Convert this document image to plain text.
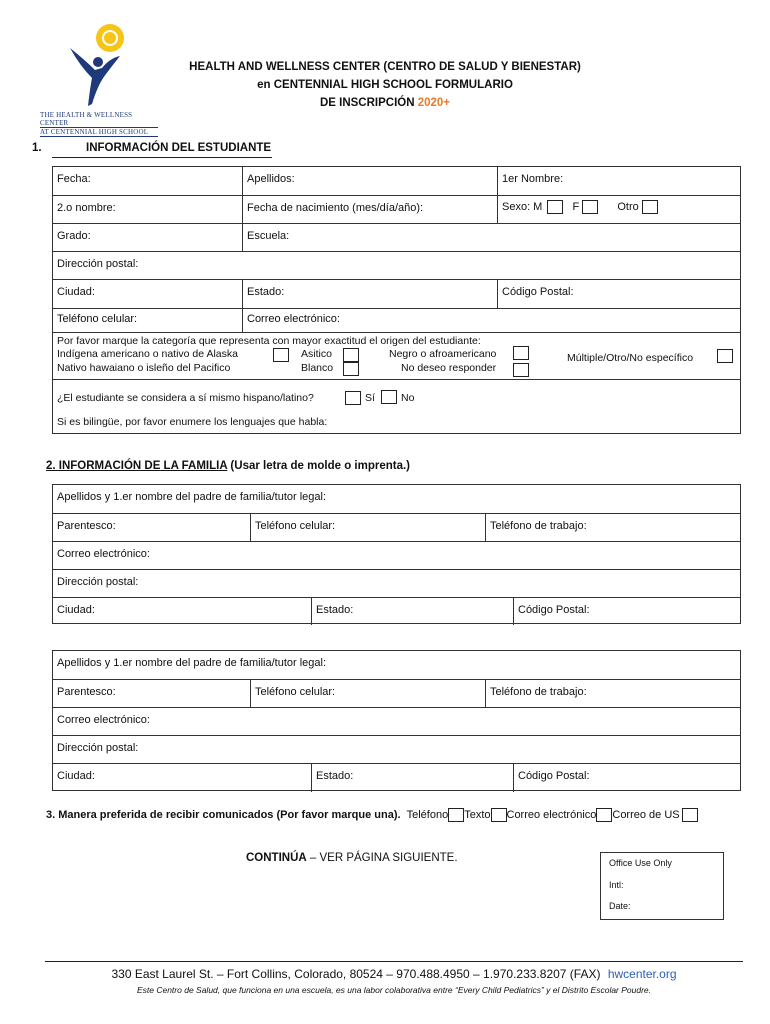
THE HEALTH & WELLNESS CENTER
AT CENTENNIAL HIGH SCHOOL
HEALTH AND WELLNESS CENTER (CENTRO DE SALUD Y BIENESTAR)
en CENTENNIAL HIGH SCHOOL FORMULARIO
DE INSCRIPCIÓN 2020+
1.	INFORMACIÓN DEL ESTUDIANTE
Fecha:	Apellidos:	1er Nombre:
2.o nombre:	Fecha de nacimiento (mes/día/año):	Sexo: M	F	Otro
Grado:	Escuela:
Dirección postal:
Ciudad:	Estado:	Código Postal:
Teléfono celular:	Correo electrónico:
Por favor marque la categoría que representa con mayor exactitud el origen del estudiante:
Indígena americano o nativo de Alaska	Asitico	Negro o afroamericano	Múltiple/Otro/No específico
Nativo hawaiano o isleño del Pacifico	Blanco	No deseo responder
¿El estudiante se considera a sí mismo hispano/latino?	Sí No
Si es bilingüe, por favor enumere los lenguajes que habla:
2. INFORMACIÓN DE LA FAMILIA (Usar letra de molde o imprenta.)
Apellidos y 1.er nombre del padre de familia/tutor legal:
Parentesco:	Teléfono celular:	Teléfono de trabajo:
Correo electrónico:
Dirección postal:
Ciudad:	Estado:	Código Postal:
Apellidos y 1.er nombre del padre de familia/tutor legal:
Parentesco:	Teléfono celular:	Teléfono de trabajo:
Correo electrónico:
Dirección postal:
Ciudad:	Estado:	Código Postal:
3. Manera preferida de recibir comunicados (Por favor marque una). Teléfono Texto Correo electrónico Correo de US
CONTINÚA – VER PÁGINA SIGUIENTE.	Office Use Only
Intl:
Date:
330 East Laurel St. – Fort Collins, Colorado, 80524 – 970.488.4950 – 1.970.233.8207 (FAX) hwcenter.org
Este Centro de Salud, que funciona en una escuela, es una labor colaborativa entre “Every Child Pediatrics” y el Distrito Escolar Poudre.
